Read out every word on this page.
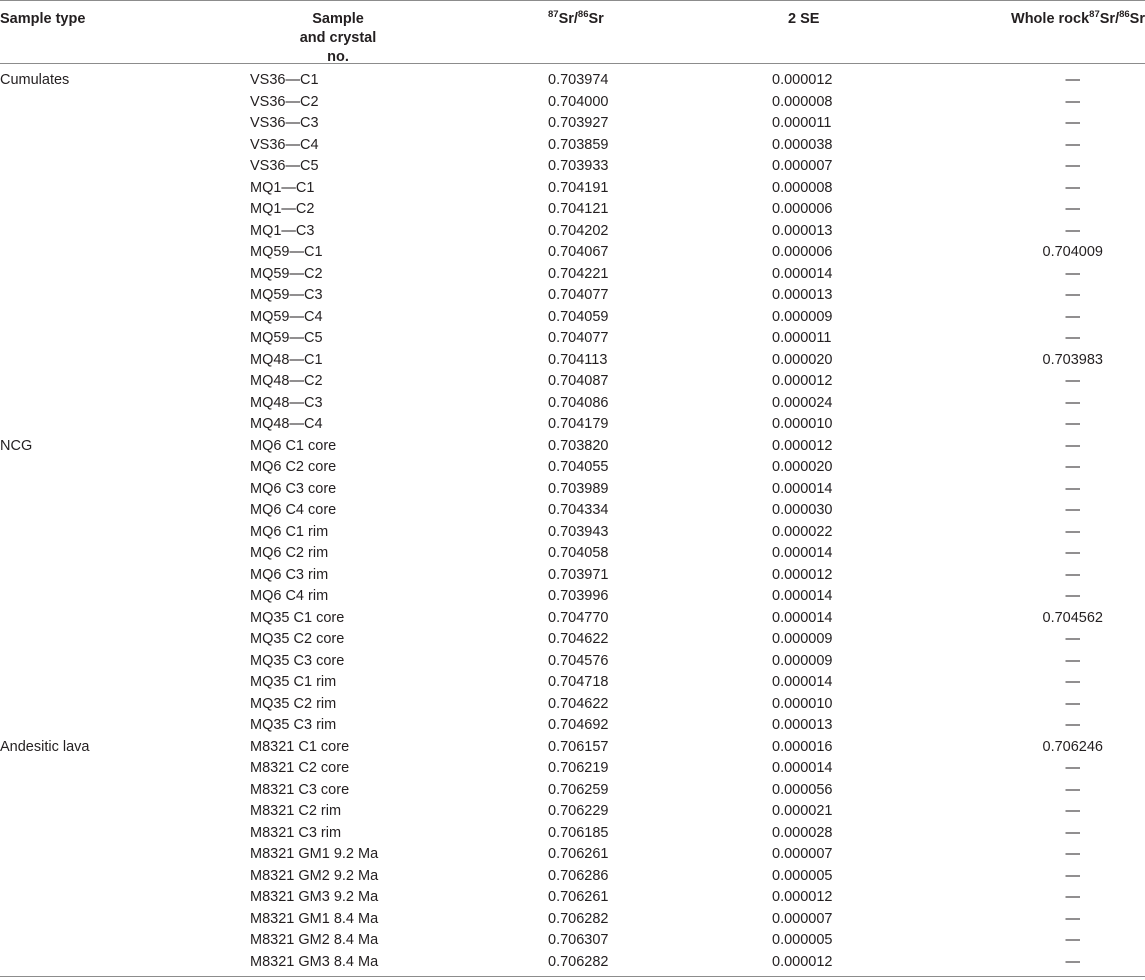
Sample type	Sample
and crystal no.
$^{87}$Sr/$^{86}$Sr	2 SE	Whole rock$^{87}$Sr/$^{86}$Sr
Cumulates	VS36—C1	0.703974	0.000012	—
VS36—C2	0.704000	0.000008	—
VS36—C3	0.703927	0.000011	—
VS36—C4	0.703859	0.000038	—
VS36—C5	0.703933	0.000007	—
MQ1—C1	0.704191	0.000008	—
MQ1—C2	0.704121	0.000006	—
MQ1—C3	0.704202	0.000013	—
MQ59—C1	0.704067	0.000006	0.704009
MQ59—C2	0.704221	0.000014	—
MQ59—C3	0.704077	0.000013	—
MQ59—C4	0.704059	0.000009	—
MQ59—C5	0.704077	0.000011	—
MQ48—C1	0.704113	0.000020	0.703983
MQ48—C2	0.704087	0.000012	—
MQ48—C3	0.704086	0.000024	—
MQ48—C4	0.704179	0.000010	—
NCG	MQ6 C1 core	0.703820	0.000012	—
MQ6 C2 core	0.704055	0.000020	—
MQ6 C3 core	0.703989	0.000014	—
MQ6 C4 core	0.704334	0.000030	—
MQ6 C1 rim	0.703943	0.000022	—
MQ6 C2 rim	0.704058	0.000014	—
MQ6 C3 rim	0.703971	0.000012	—
MQ6 C4 rim	0.703996	0.000014	—
MQ35 C1 core	0.704770	0.000014	0.704562
MQ35 C2 core	0.704622	0.000009	—
MQ35 C3 core	0.704576	0.000009	—
MQ35 C1 rim	0.704718	0.000014	—
MQ35 C2 rim	0.704622	0.000010	—
MQ35 C3 rim	0.704692	0.000013	—
Andesitic lava	M8321 C1 core	0.706157	0.000016	0.706246
M8321 C2 core	0.706219	0.000014	—
M8321 C3 core	0.706259	0.000056	—
M8321 C2 rim	0.706229	0.000021	—
M8321 C3 rim	0.706185	0.000028	—
M8321 GM1 9.2 Ma	0.706261	0.000007	—
M8321 GM2 9.2 Ma	0.706286	0.000005	—
M8321 GM3 9.2 Ma	0.706261	0.000012	—
M8321 GM1 8.4 Ma	0.706282	0.000007	—
M8321 GM2 8.4 Ma	0.706307	0.000005	—
M8321 GM3 8.4 Ma	0.706282	0.000012	—
